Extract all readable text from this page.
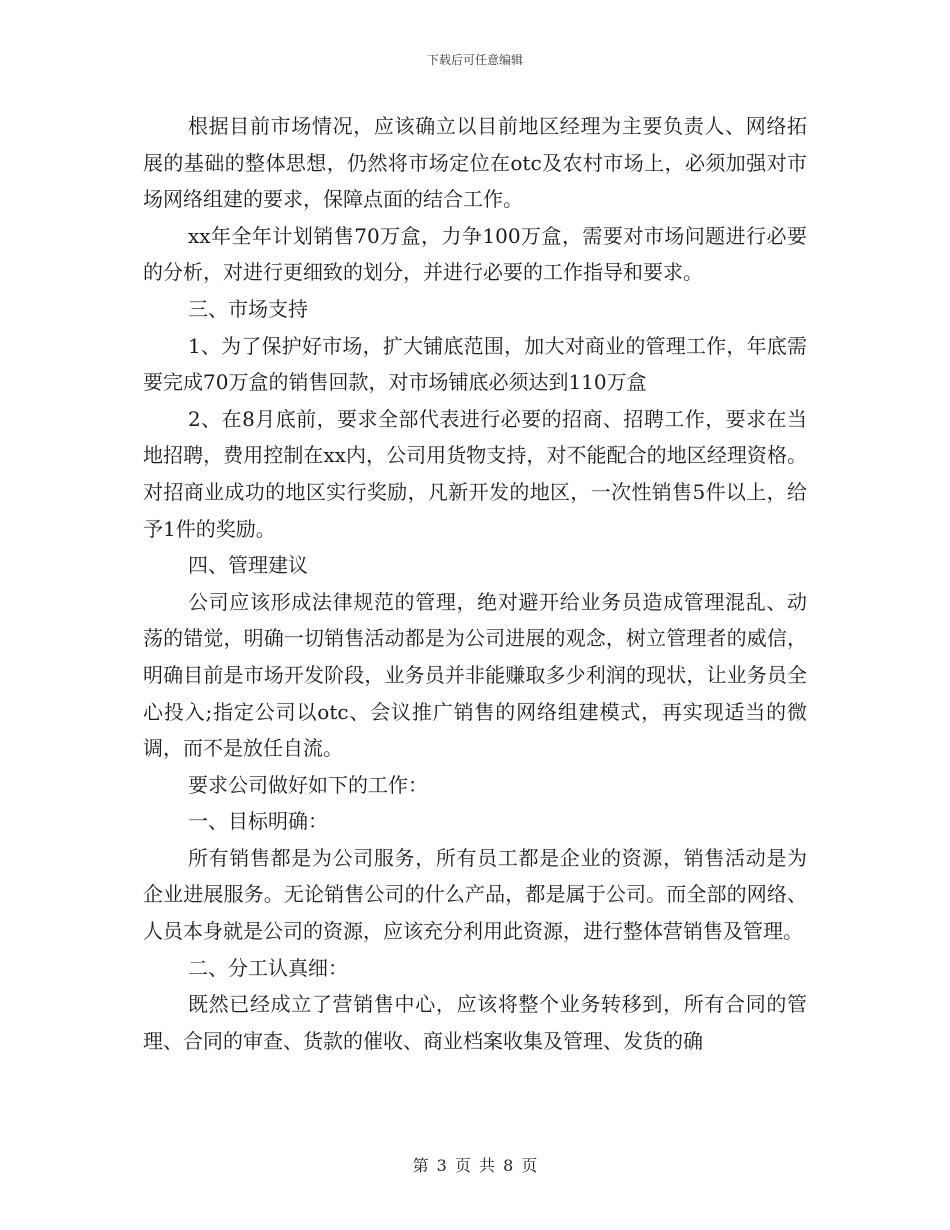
下载后可任意编辑

根据目前市场情况，应该确立以目前地区经理为主要负责人、网络拓展的基础的整体思想，仍然将市场定位在otc及农村市场上，必须加强对市场网络组建的要求，保障点面的结合工作。

xx年全年计划销售70万盒，力争100万盒，需要对市场问题进行必要的分析，对进行更细致的划分，并进行必要的工作指导和要求。

三、市场支持

1、为了保护好市场，扩大铺底范围，加大对商业的管理工作，年底需要完成70万盒的销售回款，对市场铺底必须达到110万盒

2、在8月底前，要求全部代表进行必要的招商、招聘工作，要求在当地招聘，费用控制在xx内，公司用货物支持，对不能配合的地区经理资格。对招商业成功的地区实行奖励，凡新开发的地区，一次性销售5件以上，给予1件的奖励。

四、管理建议

公司应该形成法律规范的管理，绝对避开给业务员造成管理混乱、动荡的错觉，明确一切销售活动都是为公司进展的观念，树立管理者的威信，明确目前是市场开发阶段，业务员并非能赚取多少利润的现状，让业务员全心投入;指定公司以otc、会议推广销售的网络组建模式，再实现适当的微调，而不是放任自流。

要求公司做好如下的工作：

一、目标明确：

所有销售都是为公司服务，所有员工都是企业的资源，销售活动是为企业进展服务。无论销售公司的什么产品，都是属于公司。而全部的网络、人员本身就是公司的资源，应该充分利用此资源，进行整体营销售及管理。

二、分工认真细：

既然已经成立了营销售中心，应该将整个业务转移到，所有合同的管理、合同的审查、货款的催收、商业档案收集及管理、发货的确

第 3 页 共 8 页
